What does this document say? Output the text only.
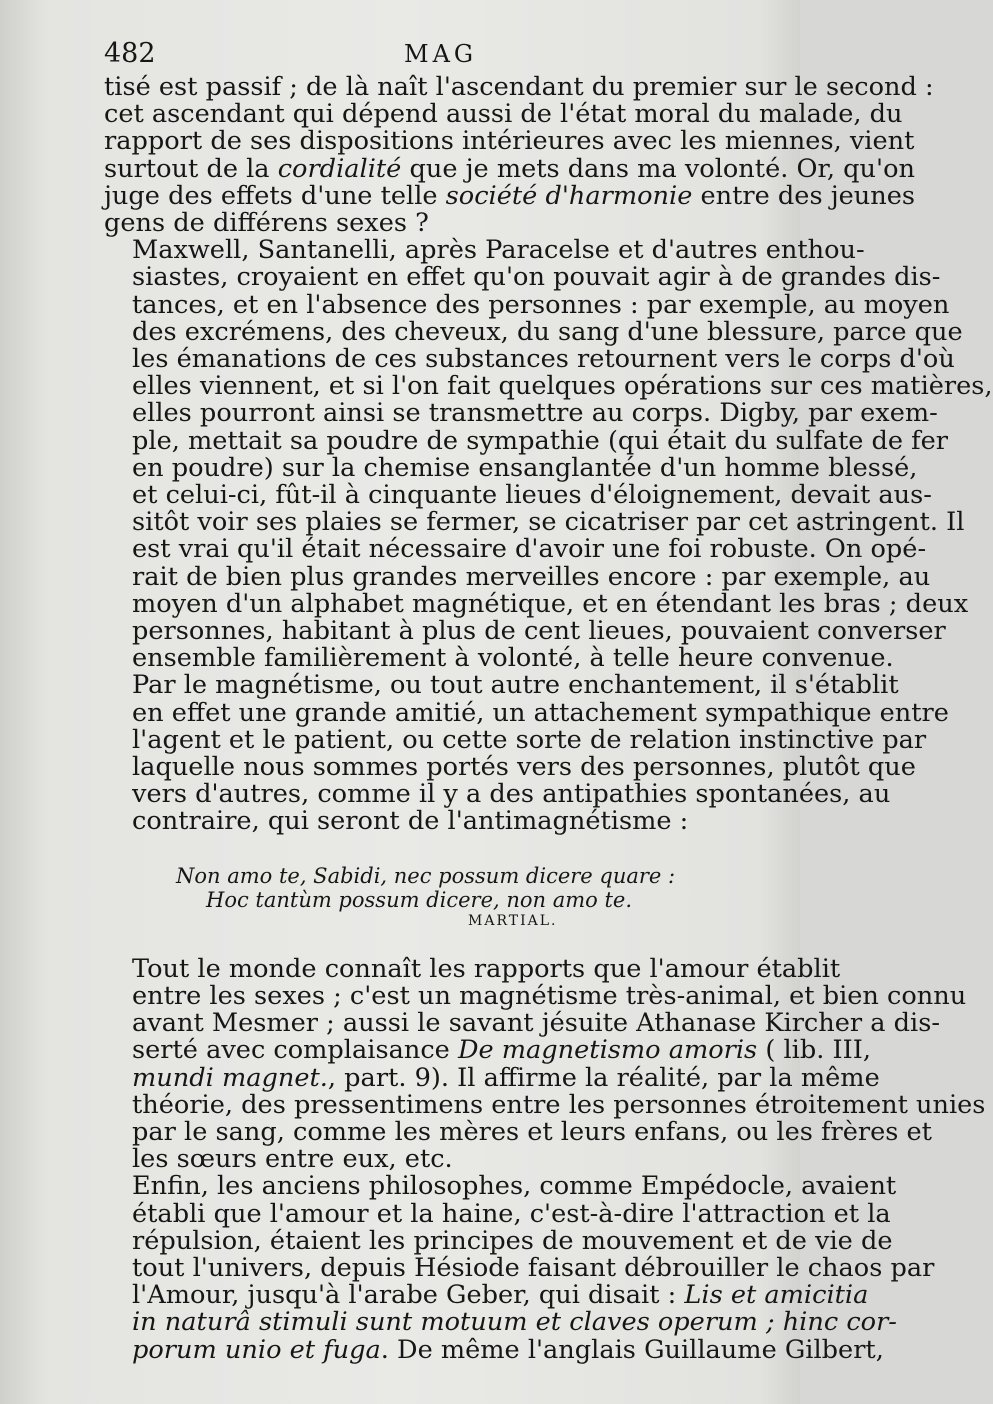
482	MAG
tisé est passif ; de là naît l'ascendant du premier sur le second :
cet ascendant qui dépend aussi de l'état moral du malade, du
rapport de ses dispositions intérieures avec les miennes, vient
surtout de la cordialité que je mets dans ma volonté. Or, qu'on
juge des effets d'une telle société d'harmonie entre des jeunes
gens de différens sexes ?
Maxwell, Santanelli, après Paracelse et d'autres enthou-
siastes, croyaient en effet qu'on pouvait agir à de grandes dis-
tances, et en l'absence des personnes : par exemple, au moyen
des excrémens, des cheveux, du sang d'une blessure, parce que
les émanations de ces substances retournent vers le corps d'où
elles viennent, et si l'on fait quelques opérations sur ces matières,
elles pourront ainsi se transmettre au corps. Digby, par exem-
ple, mettait sa poudre de sympathie (qui était du sulfate de fer
en poudre) sur la chemise ensanglantée d'un homme blessé,
et celui-ci, fût-il à cinquante lieues d'éloignement, devait aus-
sitôt voir ses plaies se fermer, se cicatriser par cet astringent. Il
est vrai qu'il était nécessaire d'avoir une foi robuste. On opé-
rait de bien plus grandes merveilles encore : par exemple, au
moyen d'un alphabet magnétique, et en étendant les bras ; deux
personnes, habitant à plus de cent lieues, pouvaient converser
ensemble familièrement à volonté, à telle heure convenue.
Par le magnétisme, ou tout autre enchantement, il s'établit
en effet une grande amitié, un attachement sympathique entre
l'agent et le patient, ou cette sorte de relation instinctive par
laquelle nous sommes portés vers des personnes, plutôt que
vers d'autres, comme il y a des antipathies spontanées, au
contraire, qui seront de l'antimagnétisme :
Non amo te, Sabidi, nec possum dicere quare :
Hoc tantùm possum dicere, non amo te.
MARTIAL.
Tout le monde connaît les rapports que l'amour établit
entre les sexes ; c'est un magnétisme très-animal, et bien connu
avant Mesmer ; aussi le savant jésuite Athanase Kircher a dis-
serté avec complaisance De magnetismo amoris ( lib. III,
mundi magnet., part. 9). Il affirme la réalité, par la même
théorie, des pressentimens entre les personnes étroitement unies
par le sang, comme les mères et leurs enfans, ou les frères et
les sœurs entre eux, etc.
Enfin, les anciens philosophes, comme Empédocle, avaient
établi que l'amour et la haine, c'est-à-dire l'attraction et la
répulsion, étaient les principes de mouvement et de vie de
tout l'univers, depuis Hésiode faisant débrouiller le chaos par
l'Amour, jusqu'à l'arabe Geber, qui disait : Lis et amicitia
in naturâ stimuli sunt motuum et claves operum ; hinc cor-
porum unio et fuga. De même l'anglais Guillaume Gilbert,
